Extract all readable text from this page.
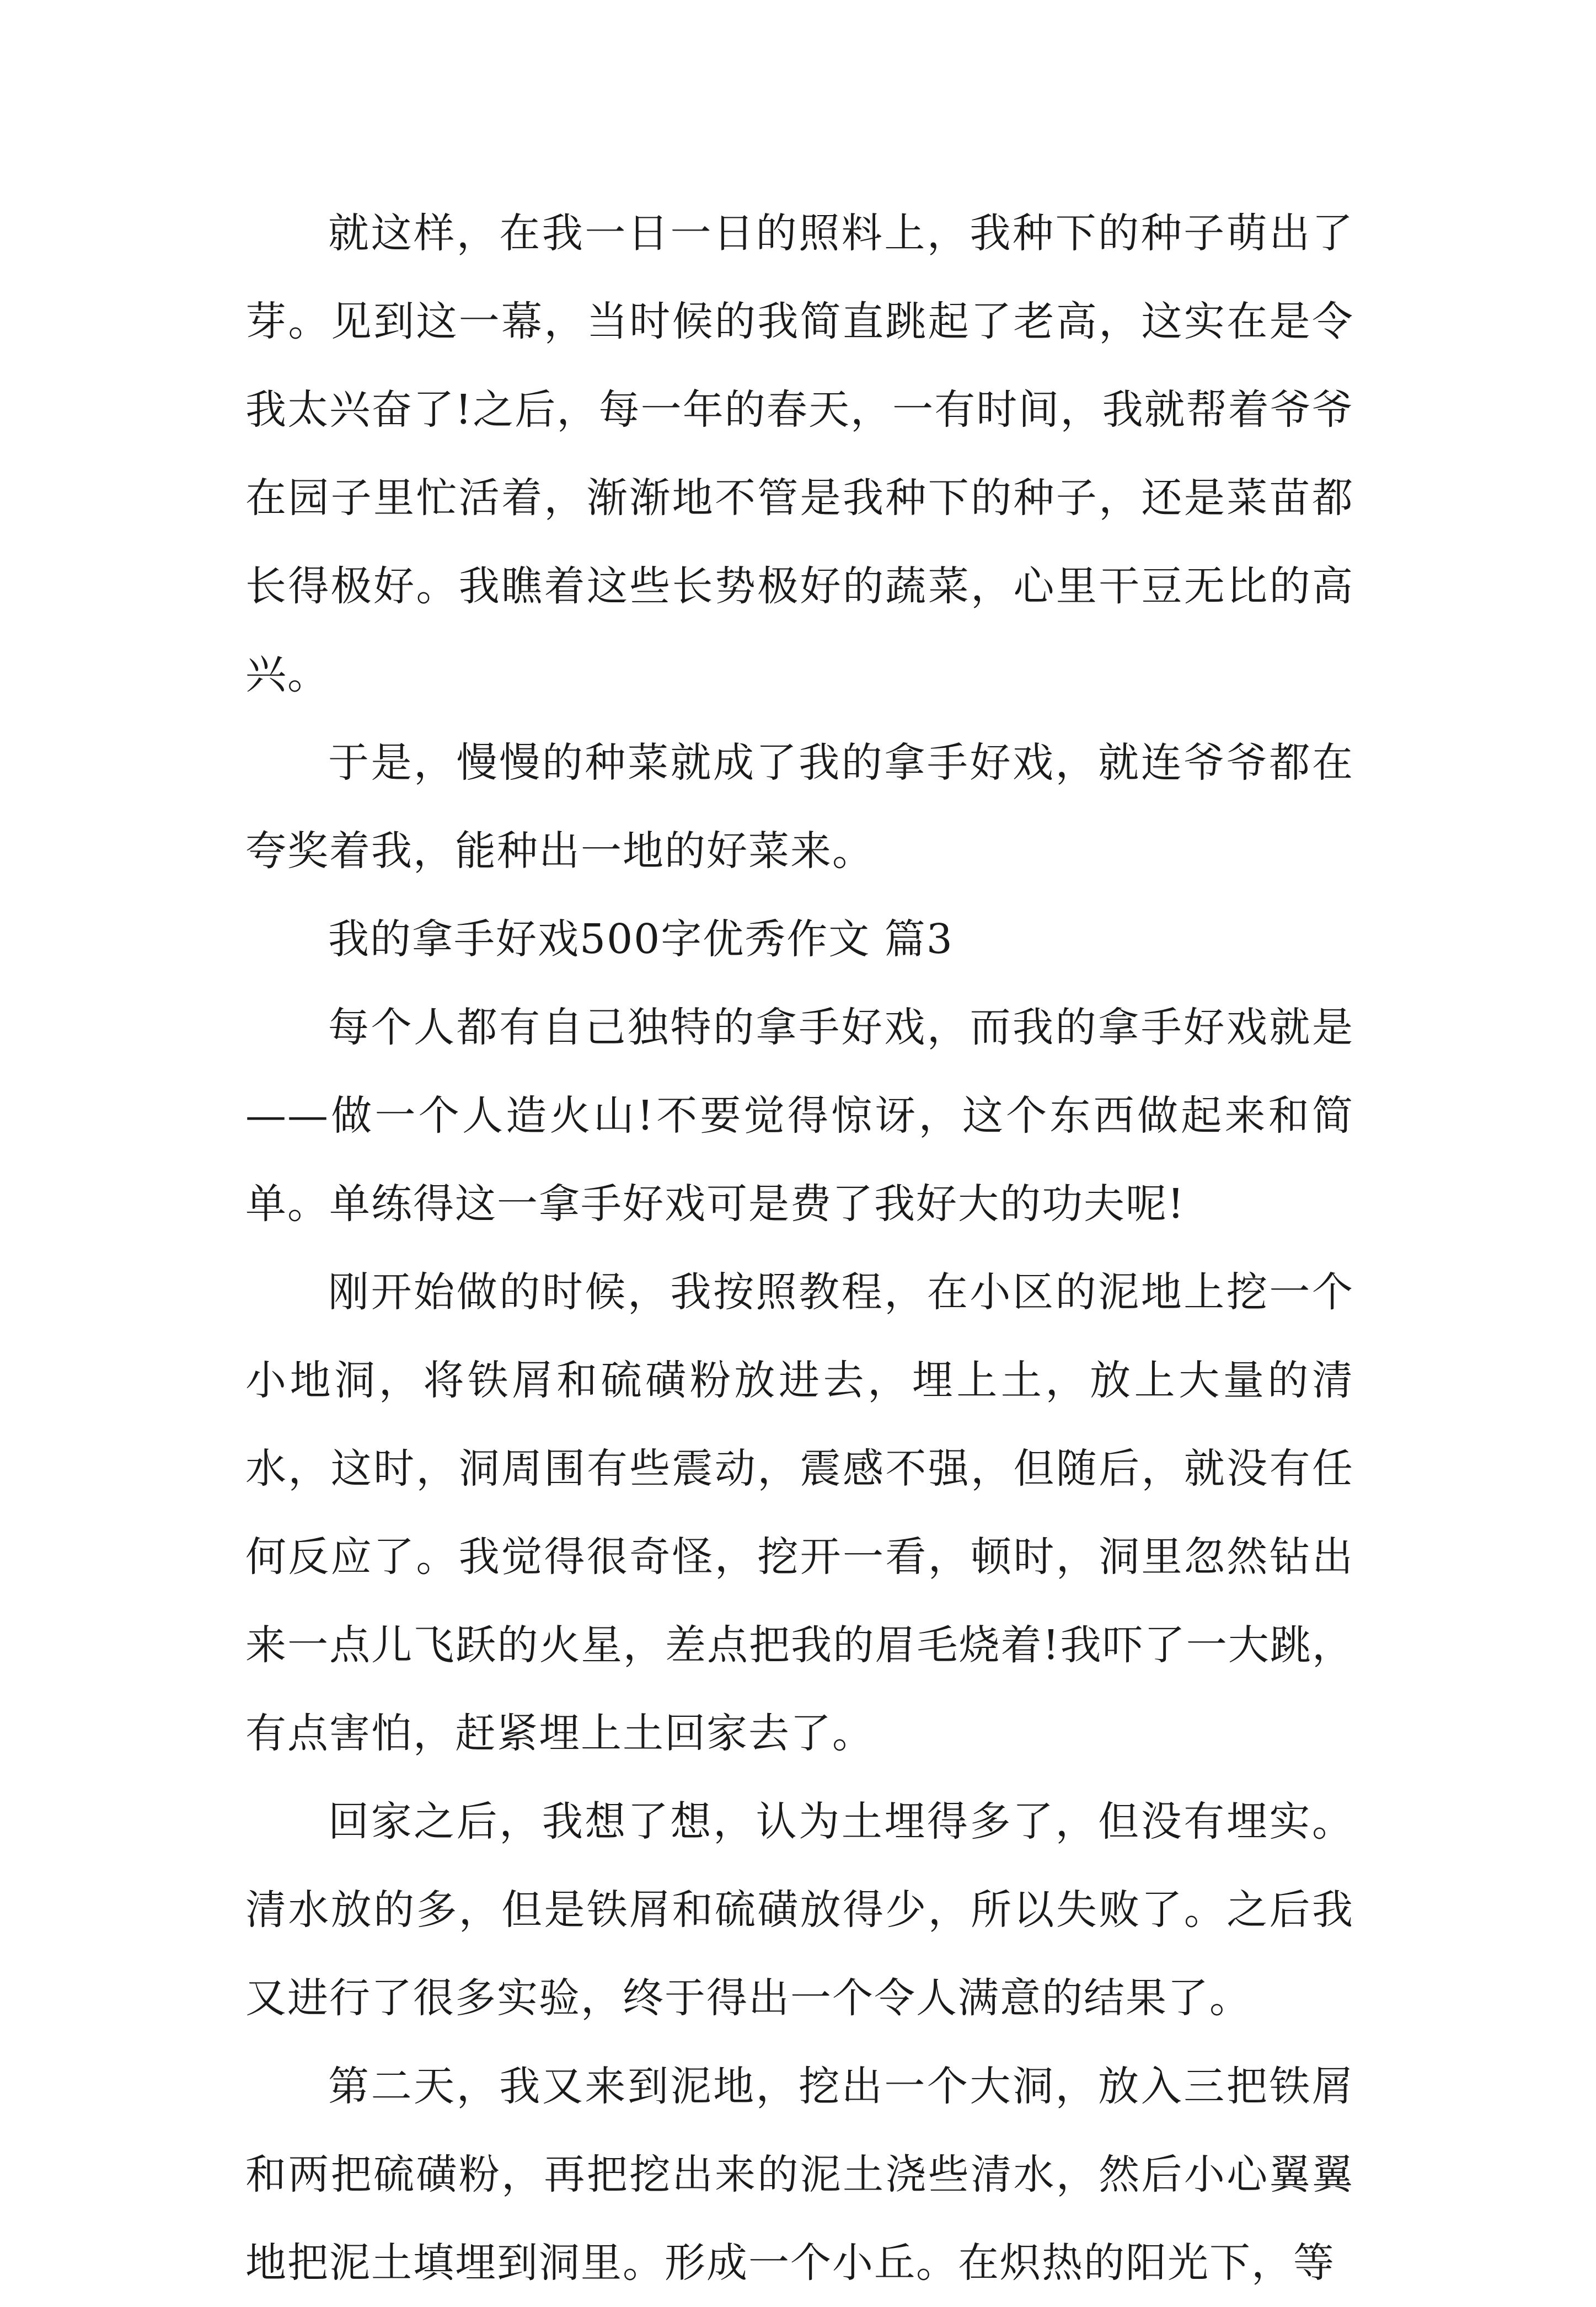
就这样，在我一日一日的照料上，我种下的种子萌出了芽。见到这一幕，当时候的我简直跳起了老高，这实在是令我太兴奋了!之后，每一年的春天，一有时间，我就帮着爷爷在园子里忙活着，渐渐地不管是我种下的种子，还是菜苗都长得极好。我瞧着这些长势极好的蔬菜，心里干豆无比的高兴。

于是，慢慢的种菜就成了我的拿手好戏，就连爷爷都在夸奖着我，能种出一地的好菜来。

我的拿手好戏500字优秀作文 篇3

每个人都有自己独特的拿手好戏，而我的拿手好戏就是——做一个人造火山!不要觉得惊讶，这个东西做起来和简单。单练得这一拿手好戏可是费了我好大的功夫呢!

刚开始做的时候，我按照教程，在小区的泥地上挖一个小地洞，将铁屑和硫磺粉放进去，埋上土，放上大量的清水，这时，洞周围有些震动，震感不强，但随后，就没有任何反应了。我觉得很奇怪，挖开一看，顿时，洞里忽然钻出来一点儿飞跃的火星，差点把我的眉毛烧着!我吓了一大跳，有点害怕，赶紧埋上土回家去了。

回家之后，我想了想，认为土埋得多了，但没有埋实。清水放的多，但是铁屑和硫磺放得少，所以失败了。之后我又进行了很多实验，终于得出一个令人满意的结果了。

第二天，我又来到泥地，挖出一个大洞，放入三把铁屑和两把硫磺粉，再把挖出来的泥土浇些清水，然后小心翼翼地把泥土填埋到洞里。形成一个小丘。在炽热的阳光下，等
